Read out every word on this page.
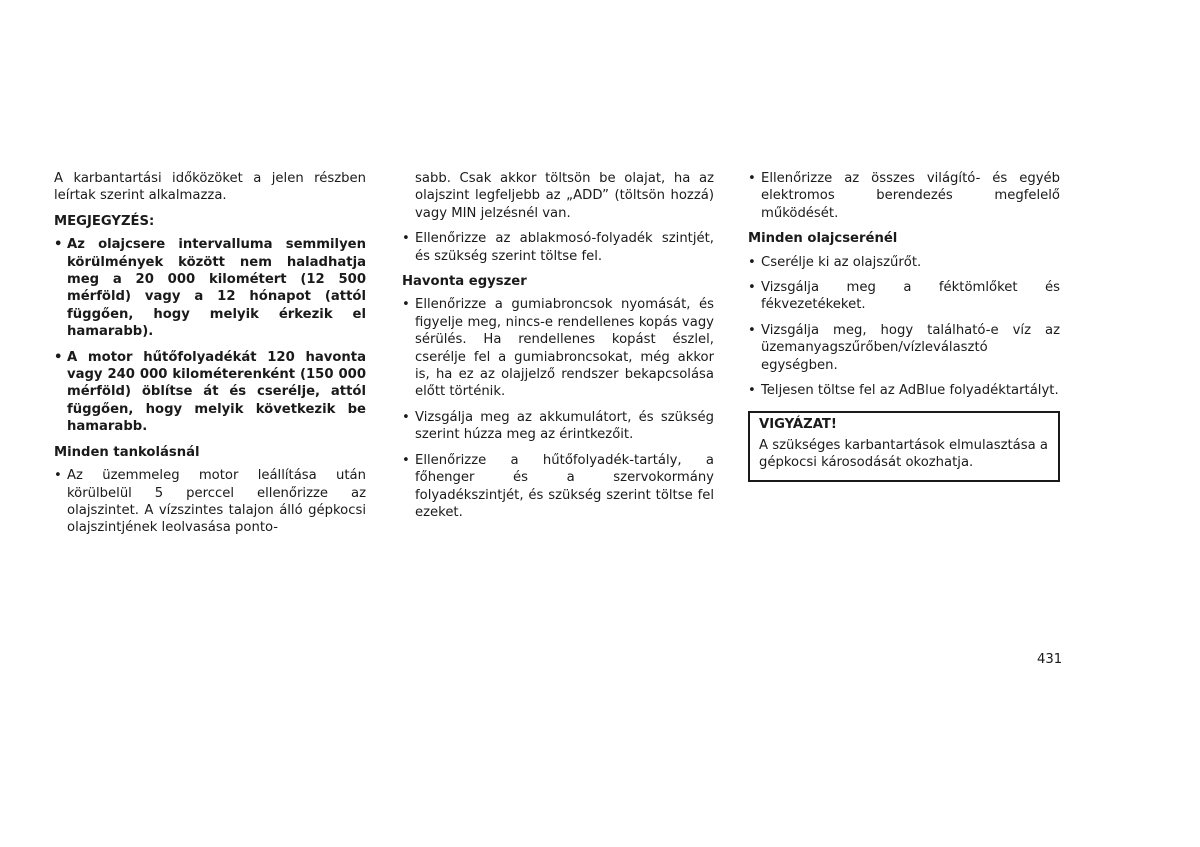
A karbantartási időközöket a jelen részben leírtak szerint alkalmazza.

MEGJEGYZÉS:
• Az olajcsere intervalluma semmilyen körülmények között nem haladhatja meg a 20 000 kilométert (12 500 mérföld) vagy a 12 hónapot (attól függően, hogy melyik érkezik el hamarabb).
• A motor hűtőfolyadékát 120 havonta vagy 240 000 kilométerenként (150 000 mérföld) öblítse át és cserélje, attól függően, hogy melyik következik be hamarabb.
Minden tankolásnál
• Az üzemmeleg motor leállítása után körülbelül 5 perccel ellenőrizze az olajszintet. A vízszintes talajon álló gépkocsi olajszintjének leolvasása ponto-

sabb. Csak akkor töltsön be olajat, ha az olajszint legfeljebb az „ADD” (töltsön hozzá) vagy MIN jelzésnél van.

• Ellenőrizze az ablakmosó-folyadék szintjét, és szükség szerint töltse fel.
Havonta egyszer
• Ellenőrizze a gumiabroncsok nyomását, és figyelje meg, nincs-e rendellenes kopás vagy sérülés. Ha rendellenes kopást észlel, cserélje fel a gumiabroncsokat, még akkor is, ha ez az olajjelző rendszer bekapcsolása előtt történik.
• Vizsgálja meg az akkumulátort, és szükség szerint húzza meg az érintkezőit.
• Ellenőrizze a hűtőfolyadék-tartály, a főhenger és a szervokormány folyadékszintjét, és szükség szerint töltse fel ezeket.
• Ellenőrizze az összes világító- és egyéb elektromos berendezés megfelelő működését.
Minden olajcserénél
• Cserélje ki az olajszűrőt.
• Vizsgálja meg a féktömlőket és fékvezetékeket.
• Vizsgálja meg, hogy található-e víz az üzemanyagszűrőben/vízleválasztó egységben.
• Teljesen töltse fel az AdBlue folyadéktartályt.
VIGYÁZAT!
A szükséges karbantartások elmulasztása a gépkocsi károsodását okozhatja.
431
